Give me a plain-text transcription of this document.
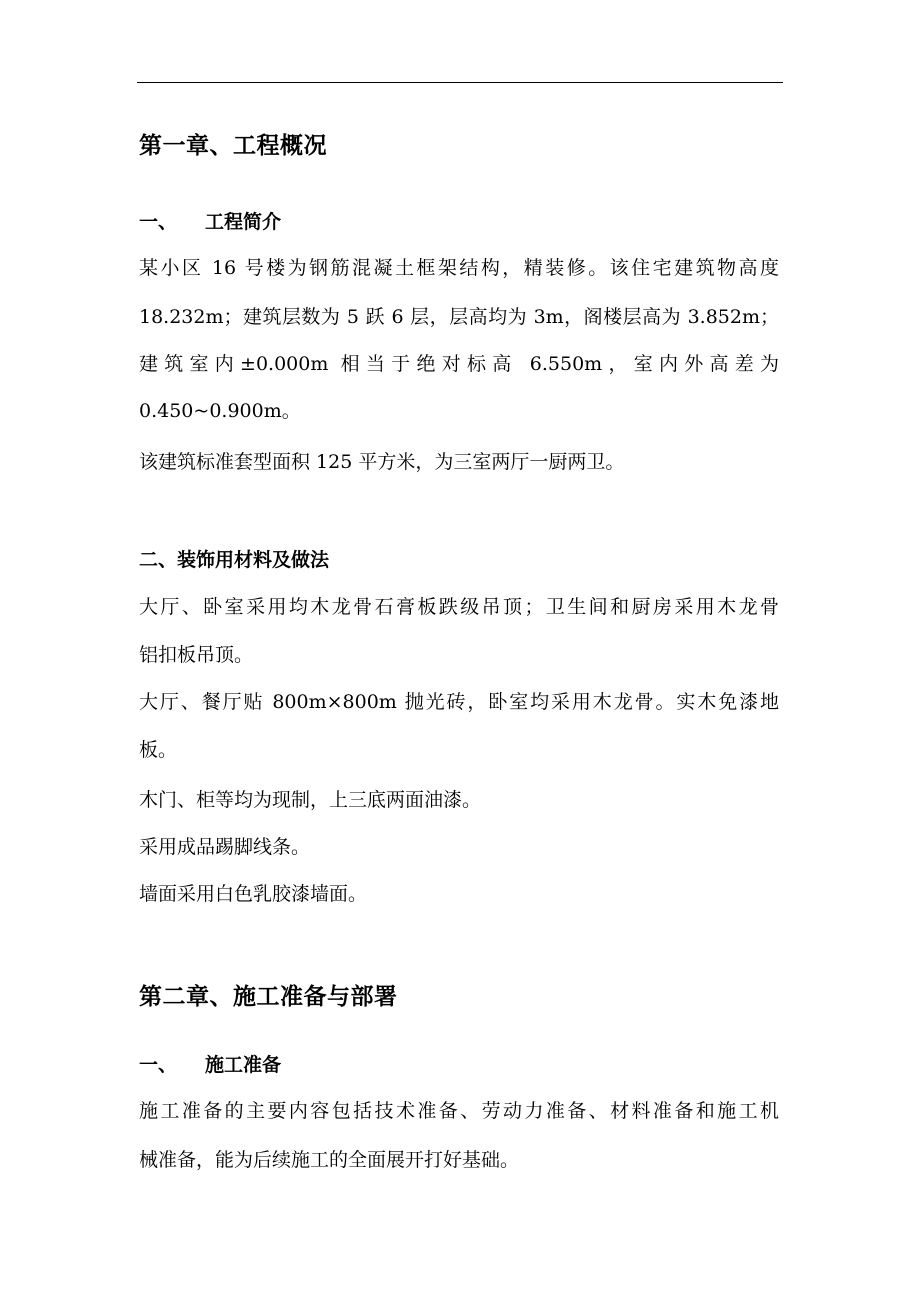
第一章、工程概况
一、 工程简介

某小区 16 号楼为钢筋混凝土框架结构，精装修。该住宅建筑物高度

18.232m；建筑层数为 5 跃 6 层，层高均为 3m，阁楼层高为 3.852m；

建筑室内±0.000m 相当于绝对标高 6.550m，室内外高差为

0.450~0.900m。

该建筑标准套型面积 125 平方米，为三室两厅一厨两卫。

二、装饰用材料及做法

大厅、卧室采用均木龙骨石膏板跌级吊顶；卫生间和厨房采用木龙骨

铝扣板吊顶。

大厅、餐厅贴 800m×800m 抛光砖，卧室均采用木龙骨。实木免漆地

板。

木门、柜等均为现制，上三底两面油漆。

采用成品踢脚线条。

墙面采用白色乳胶漆墙面。

第二章、施工准备与部署
一、 施工准备

施工准备的主要内容包括技术准备、劳动力准备、材料准备和施工机

械准备，能为后续施工的全面展开打好基础。
